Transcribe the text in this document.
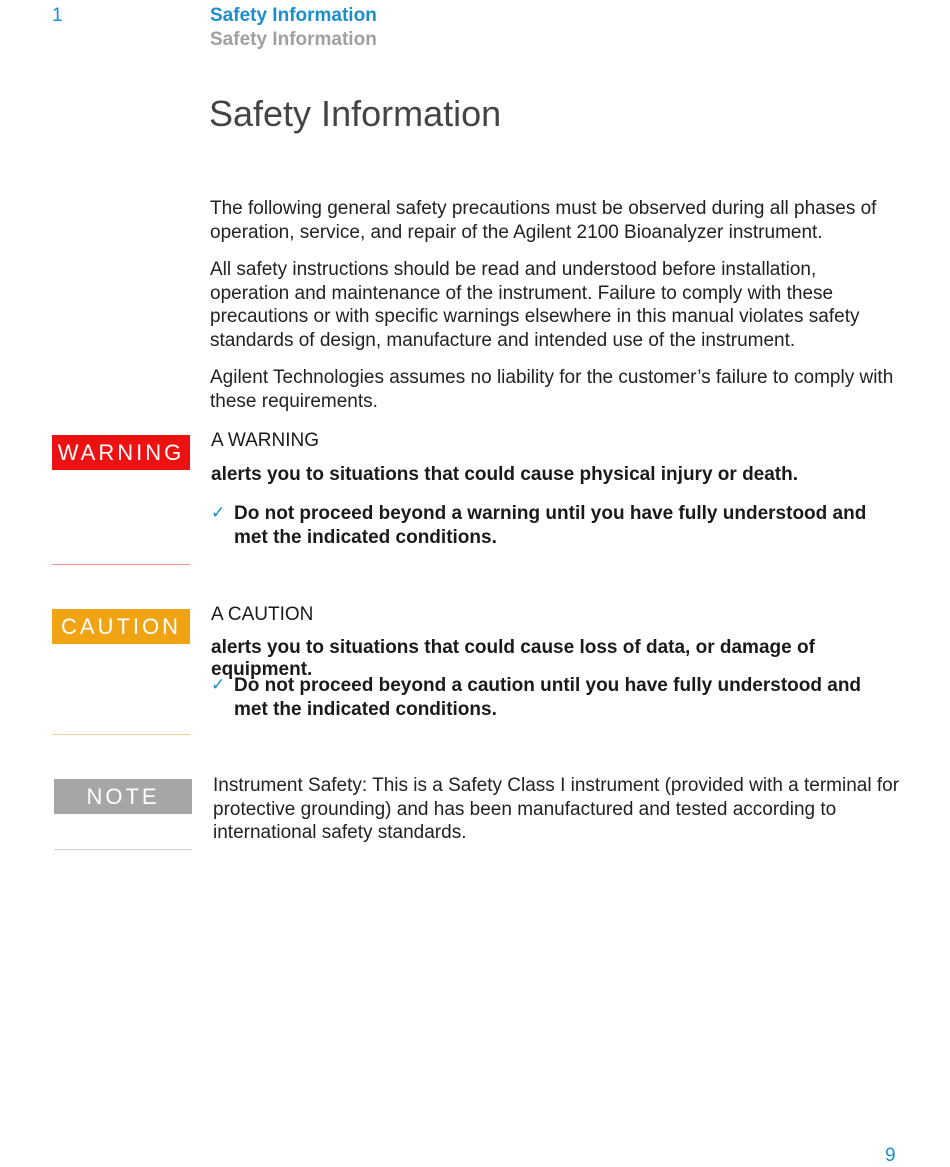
1	Safety Information
Safety Information
Safety Information

The following general safety precautions must be observed during all phases of operation, service, and repair of the Agilent 2100 Bioanalyzer instrument.

All safety instructions should be read and understood before installation, operation and maintenance of the instrument. Failure to comply with these precautions or with specific warnings elsewhere in this manual violates safety standards of design, manufacture and intended use of the instrument.

Agilent Technologies assumes no liability for the customer’s failure to comply with these requirements.

WARNING	A WARNING
alerts you to situations that could cause physical injury or death.
✓ Do not proceed beyond a warning until you have fully understood and met the indicated conditions.
CAUTION	A CAUTION
alerts you to situations that could cause loss of data, or damage of equipment.
✓ Do not proceed beyond a caution until you have fully understood and met the indicated conditions.
NOTE	Instrument Safety: This is a Safety Class I instrument (provided with a terminal for protective grounding) and has been manufactured and tested according to international safety standards.
9
